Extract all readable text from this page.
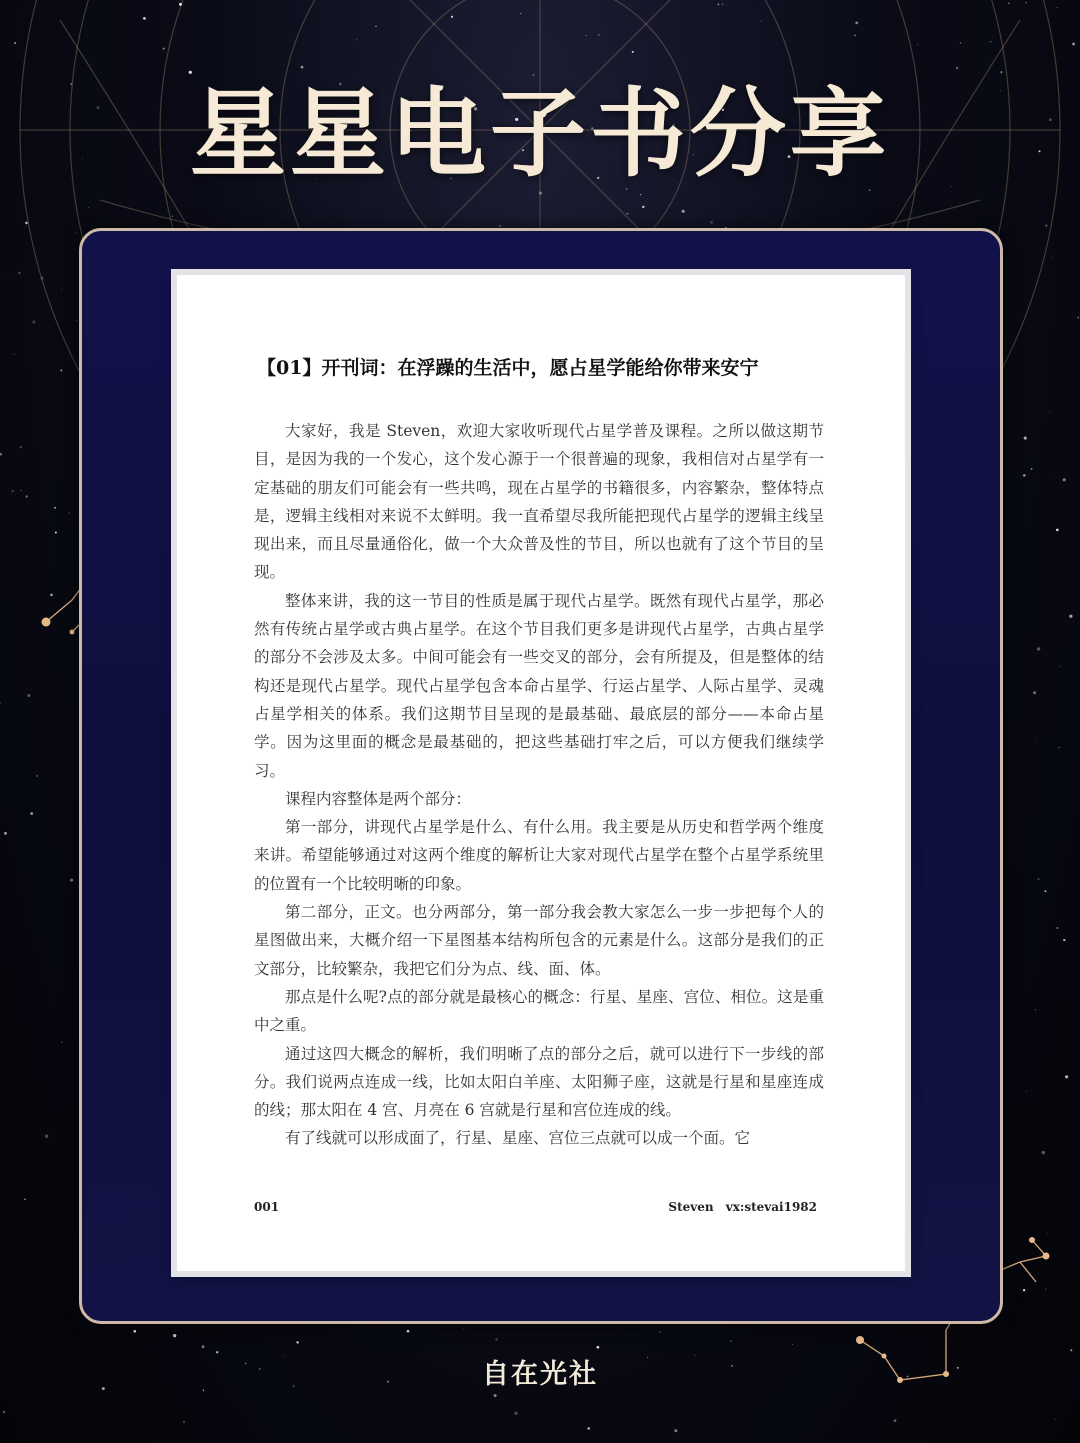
星星电子书分享
【01】开刊词：在浮躁的生活中，愿占星学能给你带来安宁

大家好，我是 Steven，欢迎大家收听现代占星学普及课程。之所以做这期节目，是因为我的一个发心，这个发心源于一个很普遍的现象，我相信对占星学有一定基础的朋友们可能会有一些共鸣，现在占星学的书籍很多，内容繁杂，整体特点是，逻辑主线相对来说不太鲜明。我一直希望尽我所能把现代占星学的逻辑主线呈现出来，而且尽量通俗化，做一个大众普及性的节目，所以也就有了这个节目的呈现。

整体来讲，我的这一节目的性质是属于现代占星学。既然有现代占星学，那必然有传统占星学或古典占星学。在这个节目我们更多是讲现代占星学，古典占星学的部分不会涉及太多。中间可能会有一些交叉的部分，会有所提及，但是整体的结构还是现代占星学。现代占星学包含本命占星学、行运占星学、人际占星学、灵魂占星学相关的体系。我们这期节目呈现的是最基础、最底层的部分——本命占星学。因为这里面的概念是最基础的，把这些基础打牢之后，可以方便我们继续学习。

课程内容整体是两个部分：

第一部分，讲现代占星学是什么、有什么用。我主要是从历史和哲学两个维度来讲。希望能够通过对这两个维度的解析让大家对现代占星学在整个占星学系统里的位置有一个比较明晰的印象。

第二部分，正文。也分两部分，第一部分我会教大家怎么一步一步把每个人的星图做出来，大概介绍一下星图基本结构所包含的元素是什么。这部分是我们的正文部分，比较繁杂，我把它们分为点、线、面、体。

那点是什么呢?点的部分就是最核心的概念：行星、星座、宫位、相位。这是重中之重。

通过这四大概念的解析，我们明晰了点的部分之后，就可以进行下一步线的部分。我们说两点连成一线，比如太阳白羊座、太阳狮子座，这就是行星和星座连成的线；那太阳在 4 宫、月亮在 6 宫就是行星和宫位连成的线。

有了线就可以形成面了，行星、星座、宫位三点就可以成一个面。它

001	Steven vx:stevai1982
自在光社
